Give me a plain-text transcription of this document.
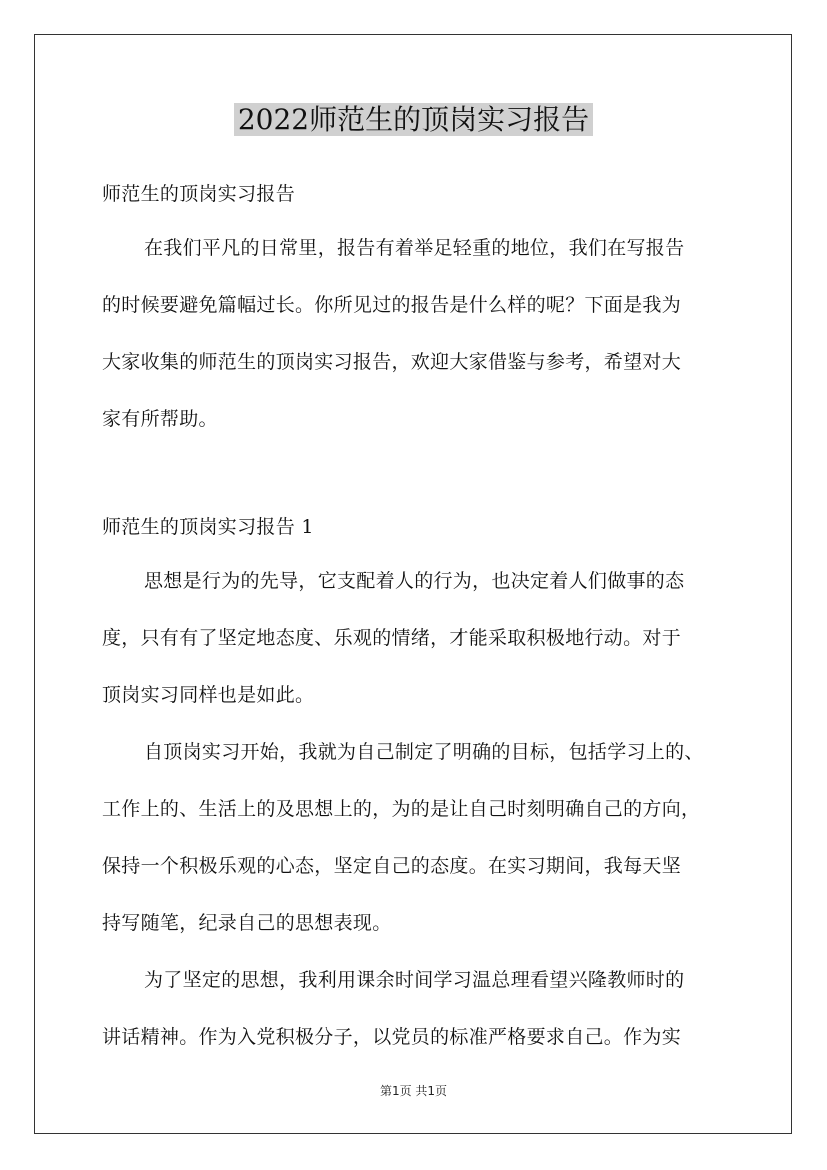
2022师范生的顶岗实习报告
师范生的顶岗实习报告
在我们平凡的日常里，报告有着举足轻重的地位，我们在写报告
的时候要避免篇幅过长。你所见过的报告是什么样的呢？下面是我为
大家收集的师范生的顶岗实习报告，欢迎大家借鉴与参考，希望对大
家有所帮助。
师范生的顶岗实习报告 1
思想是行为的先导，它支配着人的行为，也决定着人们做事的态
度，只有有了坚定地态度、乐观的情绪，才能采取积极地行动。对于
顶岗实习同样也是如此。
自顶岗实习开始，我就为自己制定了明确的目标，包括学习上的、
工作上的、生活上的及思想上的，为的是让自己时刻明确自己的方向，
保持一个积极乐观的心态，坚定自己的态度。在实习期间，我每天坚
持写随笔，纪录自己的思想表现。
为了坚定的思想，我利用课余时间学习温总理看望兴隆教师时的
讲话精神。作为入党积极分子，以党员的标准严格要求自己。作为实
第1页 共1页
